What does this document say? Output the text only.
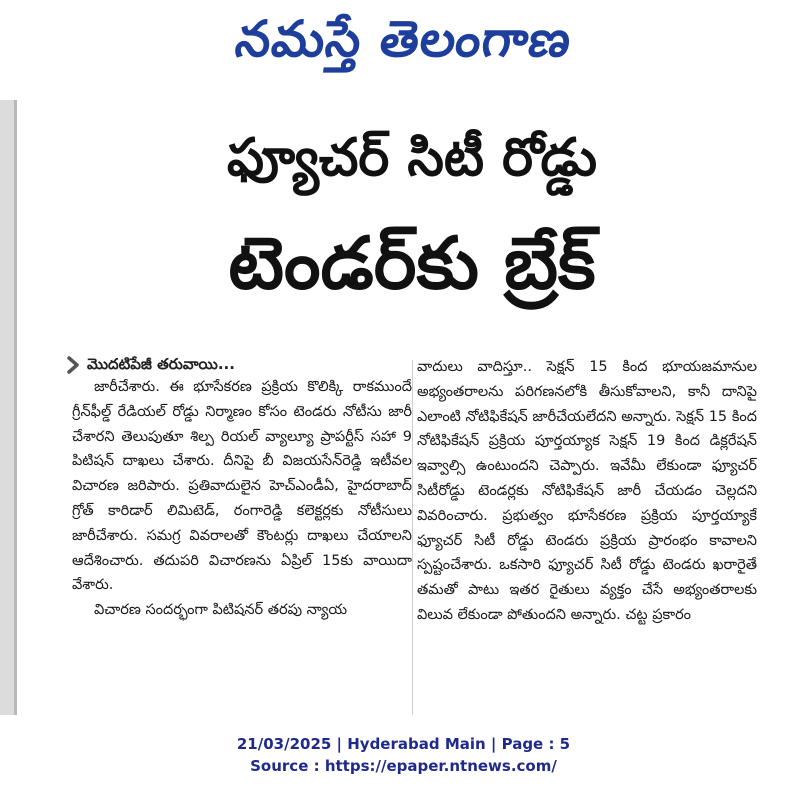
నమస్తే తెలంగాణ
ఫ్యూచర్ సిటీ రోడ్డు
టెండర్‌కు బ్రేక్
మొదటిపేజీ తరువాయి...

జారీచేశారు. ఈ భూసేకరణ ప్రక్రియ కొలిక్కి రాకముందే గ్రీన్‌ఫీల్డ్ రేడియల్ రోడ్డు నిర్మాణం కోసం టెండరు నోటీసు జారీ చేశారని తెలుపుతూ శిల్ప రియల్ వ్యాల్యూ ప్రాపర్టీస్ సహా 9 పిటిషన్ దాఖలు చేశారు. దీనిపై బీ విజయసేన్‌రెడ్డి ఇటీవల విచారణ జరిపారు. ప్రతివాదులైన హెచ్‌ఎండీఏ, హైదరాబాద్ గ్రోత్ కారిడార్ లిమిటెడ్, రంగారెడ్డి కలెక్టర్లకు నోటీసులు జారీచేశారు. సమగ్ర వివరాలతో కౌంటర్లు దాఖలు చేయాలని ఆదేశించారు. తదుపరి విచారణను ఏప్రిల్ 15కు వాయిదా వేశారు.

విచారణ సందర్భంగా పిటిషనర్ తరపు న్యాయ

వాదులు వాదిస్తూ.. సెక్షన్ 15 కింద భూయజమానుల అభ్యంతరాలను పరిగణనలోకి తీసుకోవాలని, కానీ దానిపై ఎలాంటి నోటిఫికేషన్ జారీచేయలేదని అన్నారు. సెక్షన్ 15 కింద నోటిఫికేషన్ ప్రక్రియ పూర్తయ్యాక సెక్షన్ 19 కింద డిక్లరేషన్ ఇవ్వాల్సి ఉంటుందని చెప్పారు. ఇవేమీ లేకుండా ఫ్యూచర్ సిటీరోడ్డు టెండర్లకు నోటిఫికేషన్ జారీ చేయడం చెల్లదని వివరించారు. ప్రభుత్వం భూసేకరణ ప్రక్రియ పూర్తయ్యాకే ఫ్యూచర్ సిటీ రోడ్డు టెండరు ప్రక్రియ ప్రారంభం కావాలని స్పష్టంచేశారు. ఒకసారి ఫ్యూచర్ సిటీ రోడ్డు టెండరు ఖరారైతే తమతో పాటు ఇతర రైతులు వ్యక్తం చేసే అభ్యంతరాలకు విలువ లేకుండా పోతుందని అన్నారు. చట్ట ప్రకారం

21/03/2025 | Hyderabad Main | Page : 5
Source : https://epaper.ntnews.com/
